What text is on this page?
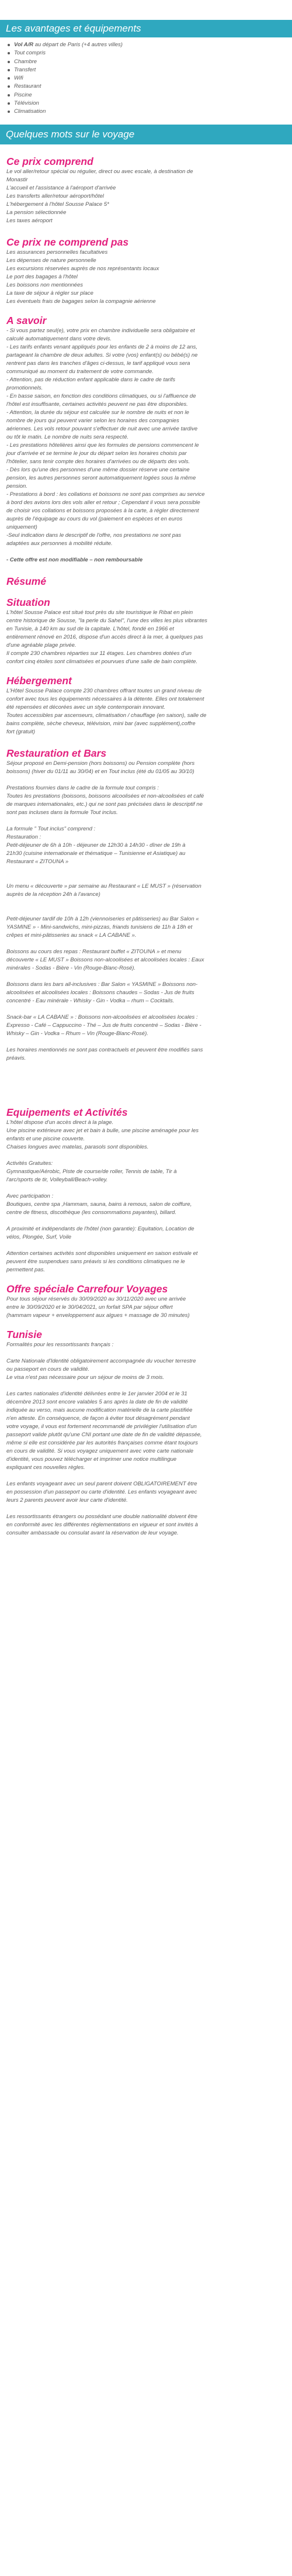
Les avantages et équipements
Vol A/R au départ de Paris (+4 autres villes)
Tout compris
Chambre
Transfert
Wifi
Restaurant
Piscine
Télévision
Climatisation
Quelques mots sur le voyage
Ce prix comprend

Le vol aller/retour spécial ou régulier, direct ou avec escale, à destination de

Monastir

L'accueil et l'assistance à l'aéroport d'arrivée

Les transferts aller/retour aéroport/hôtel

L'hébergement à l'hôtel Sousse Palace 5*

La pension sélectionnée

Les taxes aéroport

Ce prix ne comprend pas

Les assurances personnelles facultatives

Les dépenses de nature personnelle

Les excursions réservées auprès de nos représentants locaux

Le port des bagages à l'hôtel

Les boissons non mentionnées

La taxe de séjour à régler sur place

Les éventuels frais de bagages selon la compagnie aérienne

A savoir

- Si vous partez seul(e), votre prix en chambre individuelle sera obligatoire et

calculé automatiquement dans votre devis.

- Les tarifs enfants venant appliqués pour les enfants de 2 à moins de 12 ans,

partageant la chambre de deux adultes. Si votre (vos) enfant(s) ou bébé(s) ne

rentrent pas dans les tranches d'âges ci-dessus, le tarif appliqué vous sera

communiqué au moment du traitement de votre commande.

- Attention, pas de réduction enfant applicable dans le cadre de tarifs

promotionnels.

- En basse saison, en fonction des conditions climatiques, ou si l'affluence de

l'hôtel est insuffisante, certaines activités peuvent ne pas être disponibles.

- Attention, la durée du séjour est calculée sur le nombre de nuits et non le

nombre de jours qui peuvent varier selon les horaires des compagnies

aériennes. Les vols retour pouvant s'effectuer de nuit avec une arrivée tardive

ou tôt le matin. Le nombre de nuits sera respecté.

- Les prestations hôtelières ainsi que les formules de pensions commencent le

jour d'arrivée et se termine le jour du départ selon les horaires choisis par

l'hôtelier, sans tenir compte des horaires d'arrivées ou de départs des vols.

- Dès lors qu'une des personnes d'une même dossier réserve une certaine

pension, les autres personnes seront automatiquement logées sous la même

pension.

- Prestations à bord : les collations et boissons ne sont pas comprises au service

à bord des avions lors des vols aller et retour ; Cependant il vous sera possible

de choisir vos collations et boissons proposées à la carte, à régler directement

auprès de l'équipage au cours du vol (paiement en espèces et en euros

uniquement)

-Seul indication dans le descriptif de l'offre, nos prestations ne sont pas

adaptées aux personnes à mobilité réduite.

- Cette offre est non modifiable – non remboursable

Résumé
Situation

L'hôtel Sousse Palace est situé tout près du site touristique le Ribat en plein

centre historique de Sousse, "la perle du Sahel", l'une des villes les plus vibrantes

en Tunisie, à 140 km au sud de la capitale. L'hôtel, fondé en 1966 et

entièrement rénové en 2016, dispose d'un accès direct à la mer, à quelques pas

d'une agréable plage privée.

Il compte 230 chambres réparties sur 11 étages. Les chambres dotées d'un

confort cinq étoiles sont climatisées et pourvues d'une salle de bain complète.

Hébergement

L'Hôtel Sousse Palace compte 230 chambres offrant toutes un grand niveau de

confort avec tous les équipements nécessaires à la détente. Elles ont totalement

été repensées et décorées avec un style contemporain innovant.

Toutes accessibles par ascenseurs, climatisation / chauffage (en saison), salle de

bains complète, sèche cheveux, télévision, mini bar (avec supplément),coffre

fort (gratuit)

Restauration et Bars

Séjour proposé en Demi-pension (hors boissons) ou Pension complète (hors

boissons) (hiver du 01/11 au 30/04) et en Tout inclus (été du 01/05 au 30/10)

Prestations fournies dans le cadre de la formule tout compris :

Toutes les prestations (boissons, boissons alcoolisées et non-alcoolisées et café

de marques internationales, etc.) qui ne sont pas précisées dans le descriptif ne

sont pas incluses dans la formule Tout inclus.

La formule " Tout inclus" comprend :

Restauration :

Petit-déjeuner de 6h à 10h - déjeuner de 12h30 à 14h30 - dîner de 19h à

21h30 (cuisine internationale et thématique – Tunisienne et Asiatique) au

Restaurant « ZITOUNA »

Un menu « découverte » par semaine au Restaurant « LE MUST » (réservation

auprès de la réception 24h à l'avance)

Petit-déjeuner tardif de 10h à 12h (viennoiseries et pâtisseries) au Bar Salon «

YASMINE » - Mini-sandwichs, mini-pizzas, friands tunisiens de 11h à 18h et

crêpes et mini-pâtisseries au snack « LA CABANE ».

Boissons au cours des repas : Restaurant buffet « ZITOUNA » et menu

découverte « LE MUST » Boissons non-alcoolisées et alcoolisées locales : Eaux

minérales - Sodas - Bière - Vin (Rouge-Blanc-Rosé).

Boissons dans les bars all-inclusives : Bar Salon « YASMINE » Boissons non-

alcoolisées et alcoolisées locales : Boissons chaudes – Sodas - Jus de fruits

concentré - Eau minérale - Whisky - Gin - Vodka – rhum – Cocktails.

Snack-bar « LA CABANE » : Boissons non-alcoolisées et alcoolisées locales :

Expresso - Café – Cappuccino - Thé – Jus de fruits concentré – Sodas - Bière -

Whisky – Gin - Vodka – Rhum – Vin (Rouge-Blanc-Rosé).

Les horaires mentionnés ne sont pas contractuels et peuvent être modifiés sans

préavis.

Equipements et Activités

L'hôtel dispose d'un accès direct à la plage.

Une piscine extérieure avec jet et bain à bulle, une piscine aménagée pour les

enfants et une piscine couverte.

Chaises longues avec matelas, parasols sont disponibles.

Activités Gratuites:

Gymnastique/Aérobic, Piste de course/de roller, Tennis de table, Tir à

l'arc/sports de tir, Volleyball/Beach-volley.

Avec participation :

Boutiques, centre spa ,Hammam, sauna, bains à remous, salon de coiffure,

centre de fitness, discothèque (les consommations payantes), billard.

A proximité et indépendants de l'hôtel (non garantie): Equitation, Location de

vélos, Plongée, Surf, Voile

Attention certaines activités sont disponibles uniquement en saison estivale et

peuvent être suspendues sans préavis si les conditions climatiques ne le

permettent pas.

Offre spéciale Carrefour Voyages

Pour tous séjour réservés du 30/09/2020 au 30/11/2020 avec une arrivée

entre le 30/09/2020 et le 30/04/2021, un forfait SPA par séjour offert

(hammam vapeur + enveloppement aux algues + massage de 30 minutes)

Tunisie

Formalités pour les ressortissants français :

Carte Nationale d'Identité obligatoirement accompagnée du voucher terrestre

ou passeport en cours de validité.

Le visa n'est pas nécessaire pour un séjour de moins de 3 mois.

Les cartes nationales d'identité délivrées entre le 1er janvier 2004 et le 31

décembre 2013 sont encore valables 5 ans après la date de fin de validité

indiquée au verso, mais aucune modification matérielle de la carte plastifiée

n'en atteste. En conséquence, de façon à éviter tout désagrément pendant

votre voyage, il vous est fortement recommandé de privilégier l'utilisation d'un

passeport valide plutôt qu'une CNI portant une date de fin de validité dépassée,

même si elle est considérée par les autorités françaises comme étant toujours

en cours de validité. Si vous voyagez uniquement avec votre carte nationale

d'identité, vous pouvez télécharger et imprimer une notice multilingue

expliquant ces nouvelles règles.

Les enfants voyageant avec un seul parent doivent OBLIGATOIREMENT être

en possession d'un passeport ou carte d'identité. Les enfants voyageant avec

leurs 2 parents peuvent avoir leur carte d'identité.

Les ressortissants étrangers ou possédant une double nationalité doivent être

en conformité avec les différentes réglementations en vigueur et sont invités à

consulter ambassade ou consulat avant la réservation de leur voyage.
